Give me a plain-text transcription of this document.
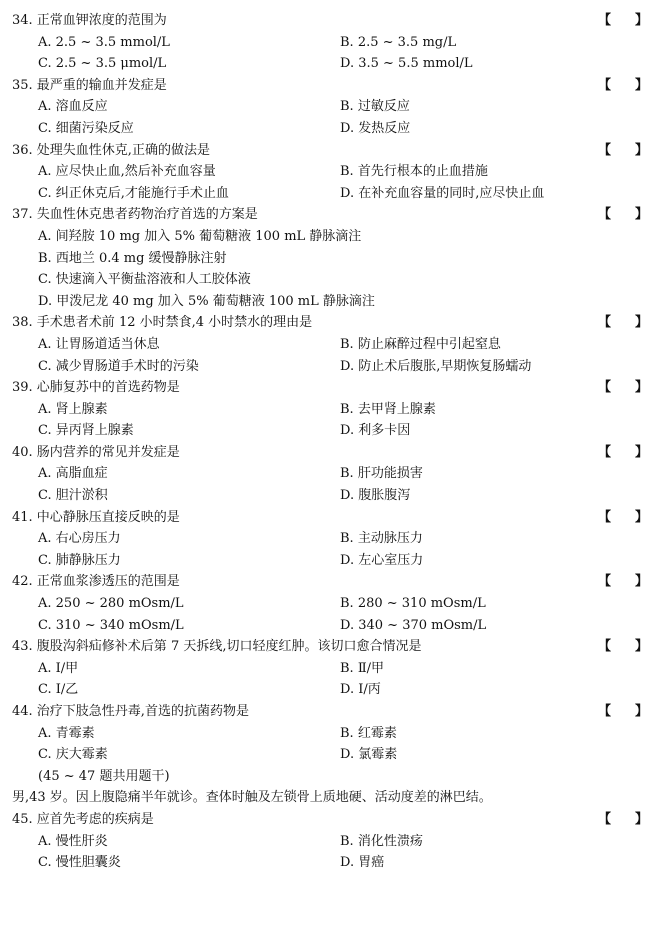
34. 正常血钾浓度的范围为	【 】
A. 2.5 ~ 3.5 mmol/L	B. 2.5 ~ 3.5 mg/L
C. 2.5 ~ 3.5 μmol/L	D. 3.5 ~ 5.5 mmol/L
35. 最严重的输血并发症是	【 】
A. 溶血反应	B. 过敏反应
C. 细菌污染反应	D. 发热反应
36. 处理失血性休克,正确的做法是	【 】
A. 应尽快止血,然后补充血容量	B. 首先行根本的止血措施
C. 纠正休克后,才能施行手术止血	D. 在补充血容量的同时,应尽快止血
37. 失血性休克患者药物治疗首选的方案是	【 】
A. 间羟胺 10 mg 加入 5% 葡萄糖液 100 mL 静脉滴注
B. 西地兰 0.4 mg 缓慢静脉注射
C. 快速滴入平衡盐溶液和人工胶体液
D. 甲泼尼龙 40 mg 加入 5% 葡萄糖液 100 mL 静脉滴注
38. 手术患者术前 12 小时禁食,4 小时禁水的理由是	【 】
A. 让胃肠道适当休息	B. 防止麻醉过程中引起窒息
C. 减少胃肠道手术时的污染	D. 防止术后腹胀,早期恢复肠蠕动
39. 心肺复苏中的首选药物是	【 】
A. 肾上腺素	B. 去甲肾上腺素
C. 异丙肾上腺素	D. 利多卡因
40. 肠内营养的常见并发症是	【 】
A. 高脂血症	B. 肝功能损害
C. 胆汁淤积	D. 腹胀腹泻
41. 中心静脉压直接反映的是	【 】
A. 右心房压力	B. 主动脉压力
C. 肺静脉压力	D. 左心室压力
42. 正常血浆渗透压的范围是	【 】
A. 250 ~ 280 mOsm/L	B. 280 ~ 310 mOsm/L
C. 310 ~ 340 mOsm/L	D. 340 ~ 370 mOsm/L
43. 腹股沟斜疝修补术后第 7 天拆线,切口轻度红肿。该切口愈合情况是	【 】
A. Ⅰ/甲	B. Ⅱ/甲
C. Ⅰ/乙	D. Ⅰ/丙
44. 治疗下肢急性丹毒,首选的抗菌药物是	【 】
A. 青霉素	B. 红霉素
C. 庆大霉素	D. 氯霉素
(45 ~ 47 题共用题干)
男,43 岁。因上腹隐痛半年就诊。查体时触及左锁骨上质地硬、活动度差的淋巴结。
45. 应首先考虑的疾病是	【 】
A. 慢性肝炎	B. 消化性溃疡
C. 慢性胆囊炎	D. 胃癌
